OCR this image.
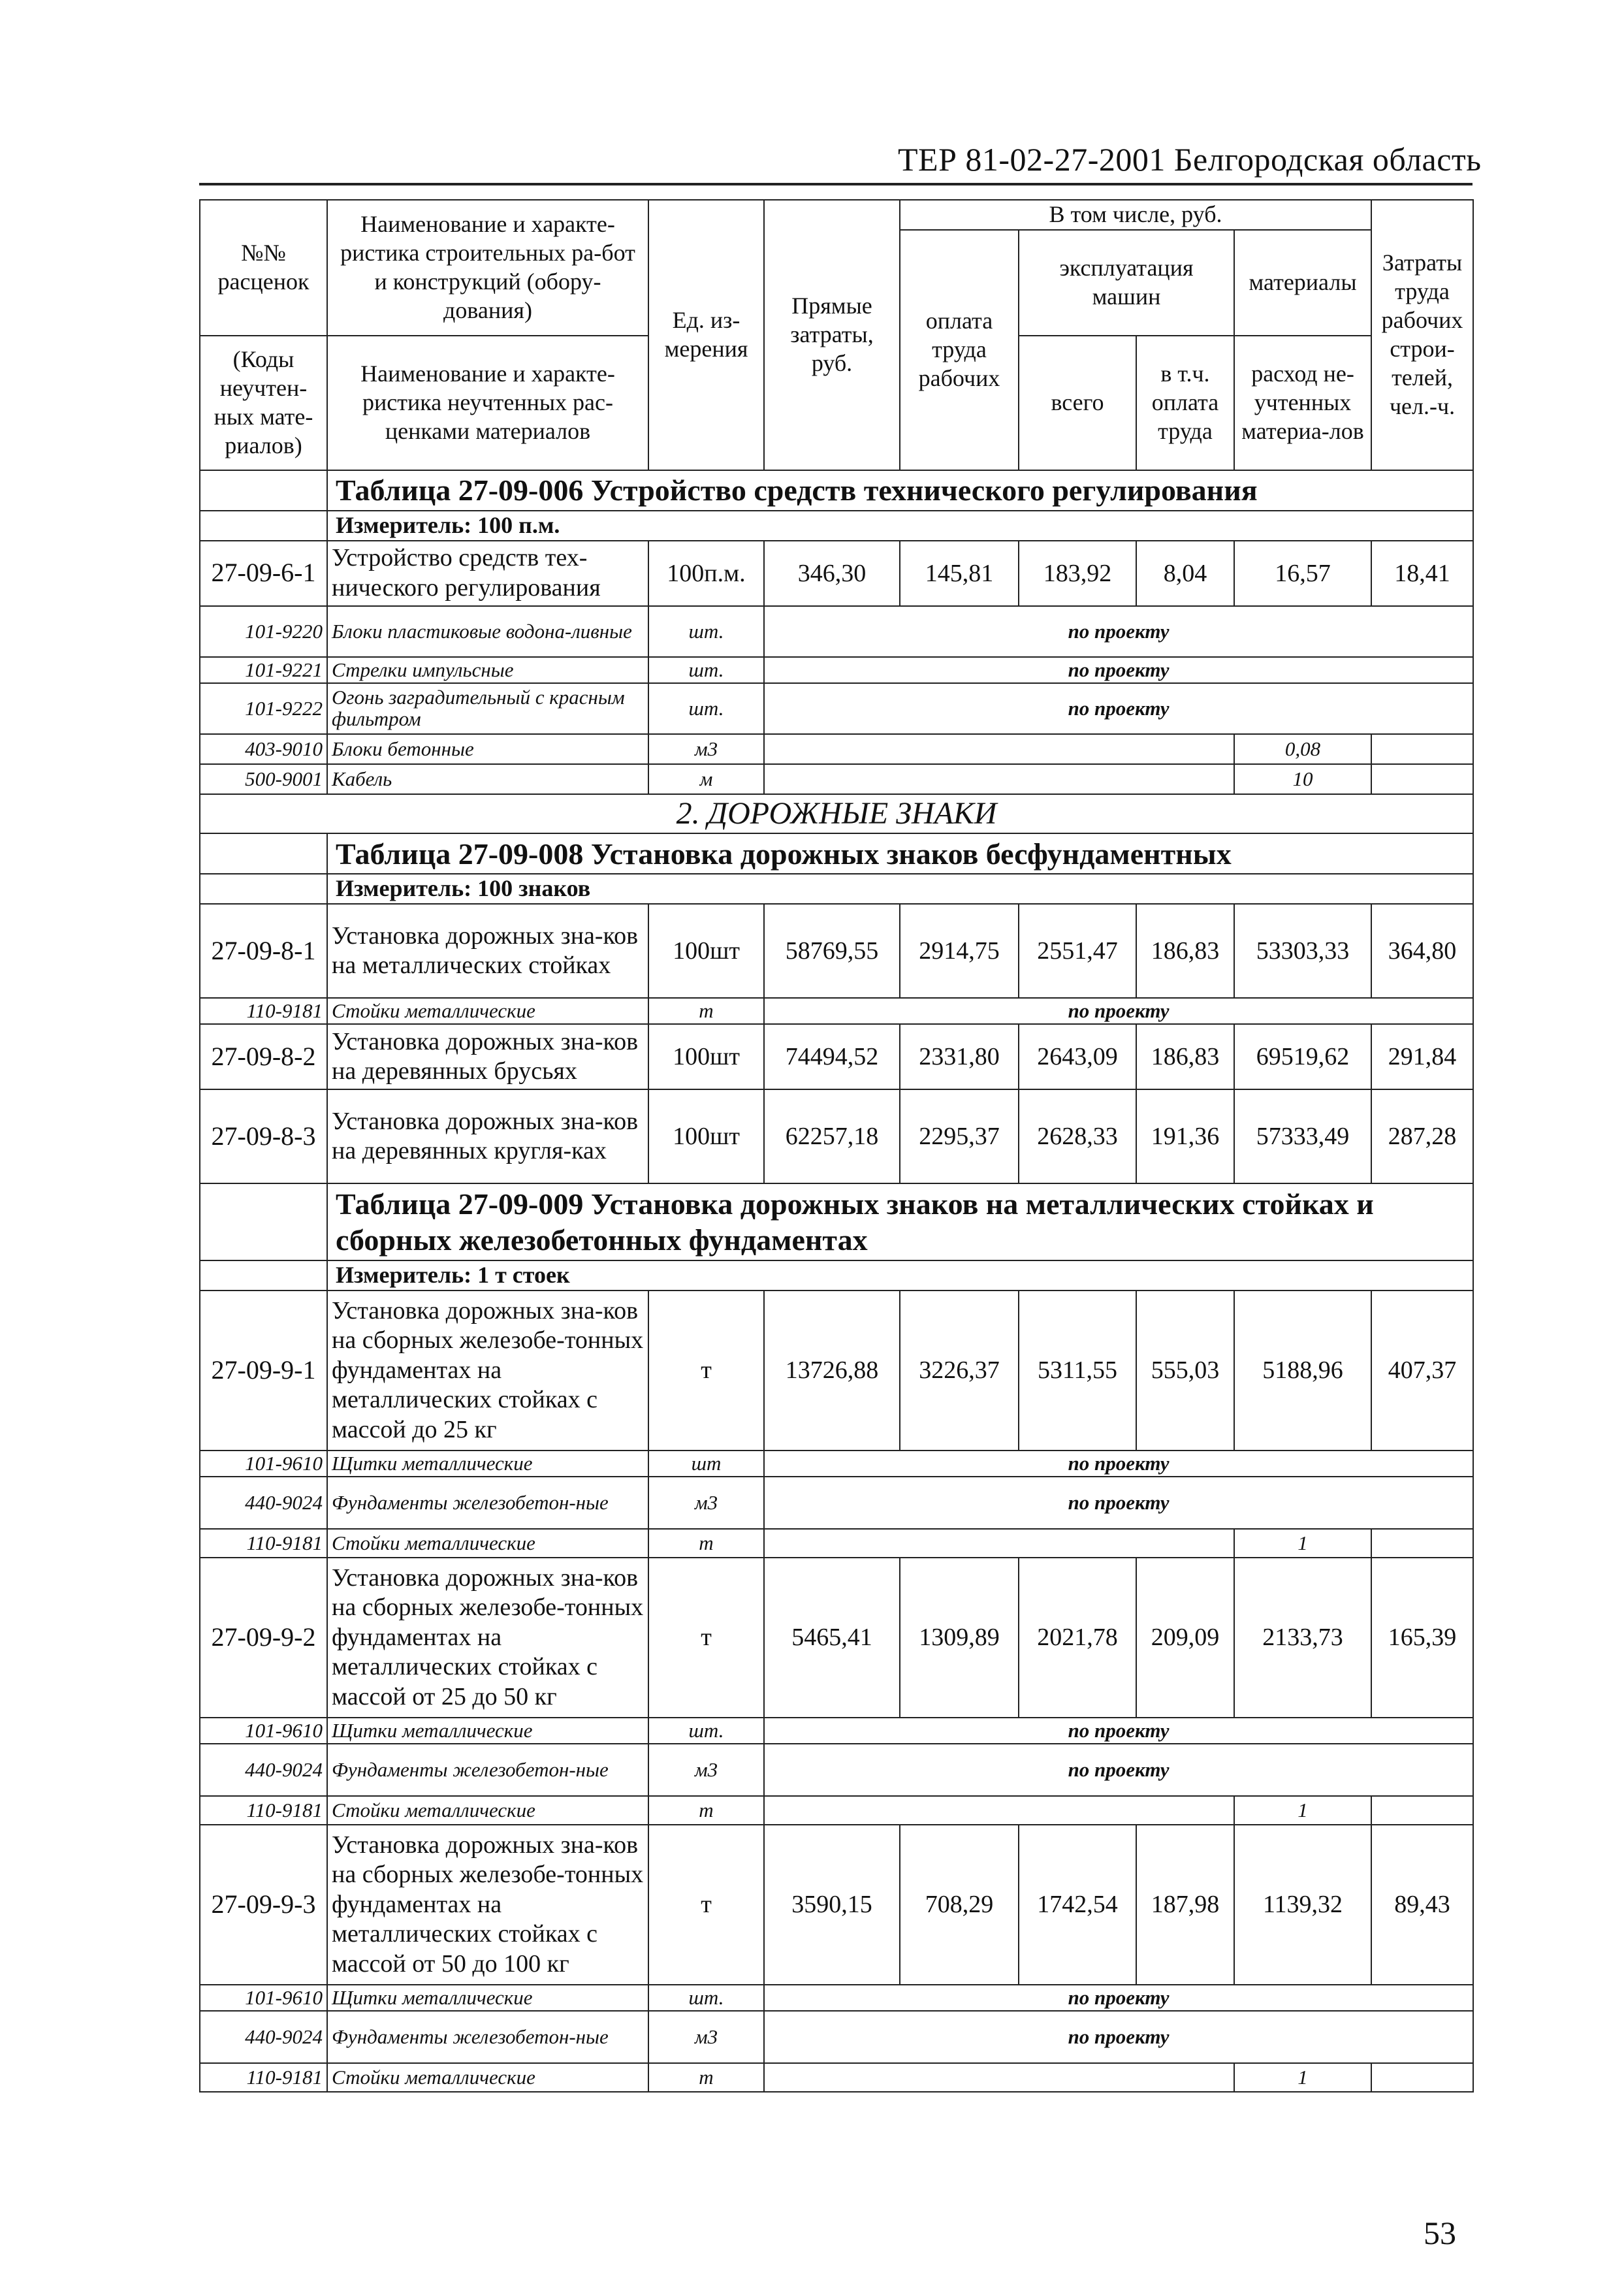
ТЕР 81-02-27-2001 Белгородская область
№№ расценок	Наименование и характе-ристика строительных ра-бот и конструкций (обору-дования)	Ед. из-мерения	Прямые затраты, руб.	В том числе, руб.				Затраты труда рабочих строи-телей, чел.-ч.
				оплата труда рабочих	эксплуатация машин		материалы	

(Коды неучтен-ных мате-риалов)	Наименование и характе-ристика неучтенных рас-ценками материалов				всего	в т.ч. оплата труда	расход не-учтенных материа-лов	

	Таблица 27-09-006 Устройство средств технического регулирования							
	Измеритель: 100 п.м.							
27-09-6-1	Устройство средств тех-нического регулирования	100п.м.	346,30	145,81	183,92	8,04	16,57	18,41
101-9220	Блоки пластиковые водона-ливные	шт.	по проекту					
101-9221	Стрелки импульсные	шт.	по проекту					
101-9222	Огонь заградительный с красным фильтром	шт.	по проекту					
403-9010	Блоки бетонные	м3					0,08	
500-9001	Кабель	м					10	
2. ДОРОЖНЫЕ ЗНАКИ								
	Таблица 27-09-008 Установка дорожных знаков бесфундаментных							
	Измеритель: 100 знаков							
27-09-8-1	Установка дорожных зна-ков на металлических стойках	100шт	58769,55	2914,75	2551,47	186,83	53303,33	364,80
110-9181	Стойки металлические	т	по проекту					
27-09-8-2	Установка дорожных зна-ков на деревянных брусьях	100шт	74494,52	2331,80	2643,09	186,83	69519,62	291,84
27-09-8-3	Установка дорожных зна-ков на деревянных кругля-ках	100шт	62257,18	2295,37	2628,33	191,36	57333,49	287,28
	Таблица 27-09-009 Установка дорожных знаков на металлических стойках и сборных железобетонных фундаментах							
	Измеритель: 1 т стоек							
27-09-9-1	Установка дорожных зна-ков на сборных железобе-тонных фундаментах на металлических стойках с массой до 25 кг	т	13726,88	3226,37	5311,55	555,03	5188,96	407,37
101-9610	Щитки металлические	шт	по проекту					
440-9024	Фундаменты железобетон-ные	м3	по проекту					
110-9181	Стойки металлические	т					1	
27-09-9-2	Установка дорожных зна-ков на сборных железобе-тонных фундаментах на металлических стойках с массой от 25 до 50 кг	т	5465,41	1309,89	2021,78	209,09	2133,73	165,39
101-9610	Щитки металлические	шт.	по проекту					
440-9024	Фундаменты железобетон-ные	м3	по проекту					
110-9181	Стойки металлические	т					1	
27-09-9-3	Установка дорожных зна-ков на сборных железобе-тонных фундаментах на металлических стойках с массой от 50 до 100 кг	т	3590,15	708,29	1742,54	187,98	1139,32	89,43
101-9610	Щитки металлические	шт.	по проекту					
440-9024	Фундаменты железобетон-ные	м3	по проекту					
110-9181	Стойки металлические	т					1	
53
